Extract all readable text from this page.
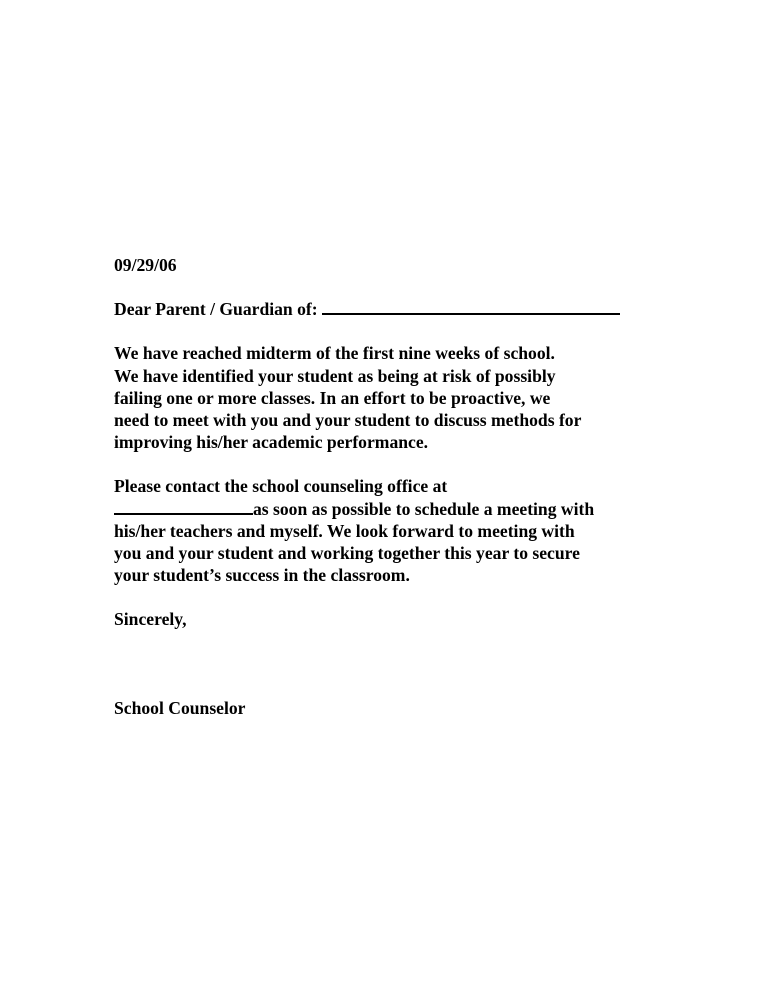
09/29/06
Dear Parent / Guardian of:
We have reached midterm of the first nine weeks of school.
We have identified your student as being at risk of possibly
failing one or more classes. In an effort to be proactive, we
need to meet with you and your student to discuss methods for
improving his/her academic performance.
Please contact the school counseling office at
as soon as possible to schedule a meeting with
his/her teachers and myself. We look forward to meeting with
you and your student and working together this year to secure
your student’s success in the classroom.
Sincerely,
School Counselor
